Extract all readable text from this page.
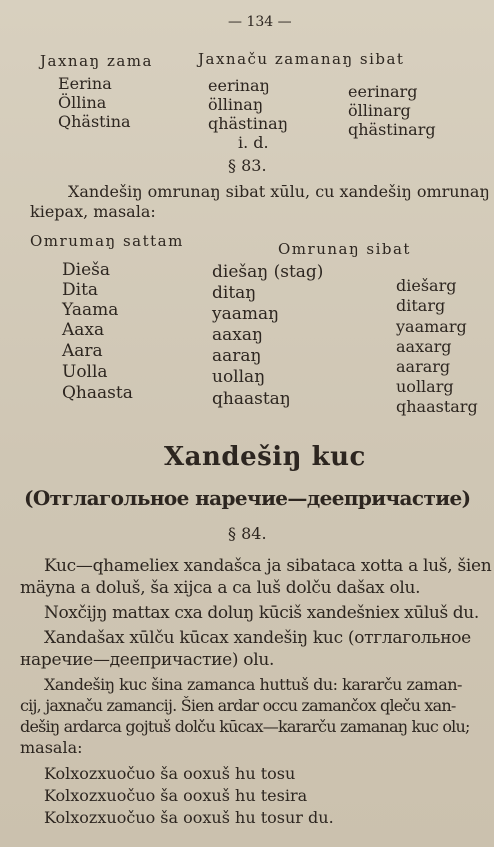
— 134 —
Jaxnaŋ zama	Jaxnaču zamanaŋ sibat
Eerina
Öllina
Qhästina
eerinaŋ
öllinaŋ
qhästinaŋ
eerinarg
öllinarg
qhästinarg
i. d.
§ 83.
Xandešiŋ omrunaŋ sibat xūlu, cu xandešiŋ omrunaŋ
kiepax, masala:
Omrumaŋ sattam	Omrunaŋ sibat
Dieša
Dita
Yaama
Aaxa
Aara
Uolla
Qhaasta
diešaŋ (stag)
ditaŋ
yaamaŋ
aaxaŋ
aaraŋ
uollaŋ
qhaastaŋ
diešarg
ditarg
yaamarg
aaxarg
aararg
uollarg
qhaastarg
Xandešiŋ kuc
(Отглагольное наречие—деепричастие)
§ 84.
Kuc—qhameliex xandašca ja sibataca xotta a luš, šien
mäyna a doluš, ša xijca a ca luš dolču dašax olu.
Noxčijŋ mattax cxa doluŋ kūciš xandešniex xūluš du.
Xandašax xūlču kūcax xandešiŋ kuc (отглагольное
наречие—деепричастие) olu.
Xandešiŋ kuc šina zamanca huttuš du: kararču zaman-
cij, jaxnaču zamancij. Šien ardar occu zamančox qleču xan-
dešiŋ ardarca gojtuš dolču kūcax—kararču zamanaŋ kuc olu;
masala:
Kolxozxuočuo ša ooxuš hu tosu
Kolxozxuočuo ša ooxuš hu tesira
Kolxozxuočuo ša ooxuš hu tosur du.
